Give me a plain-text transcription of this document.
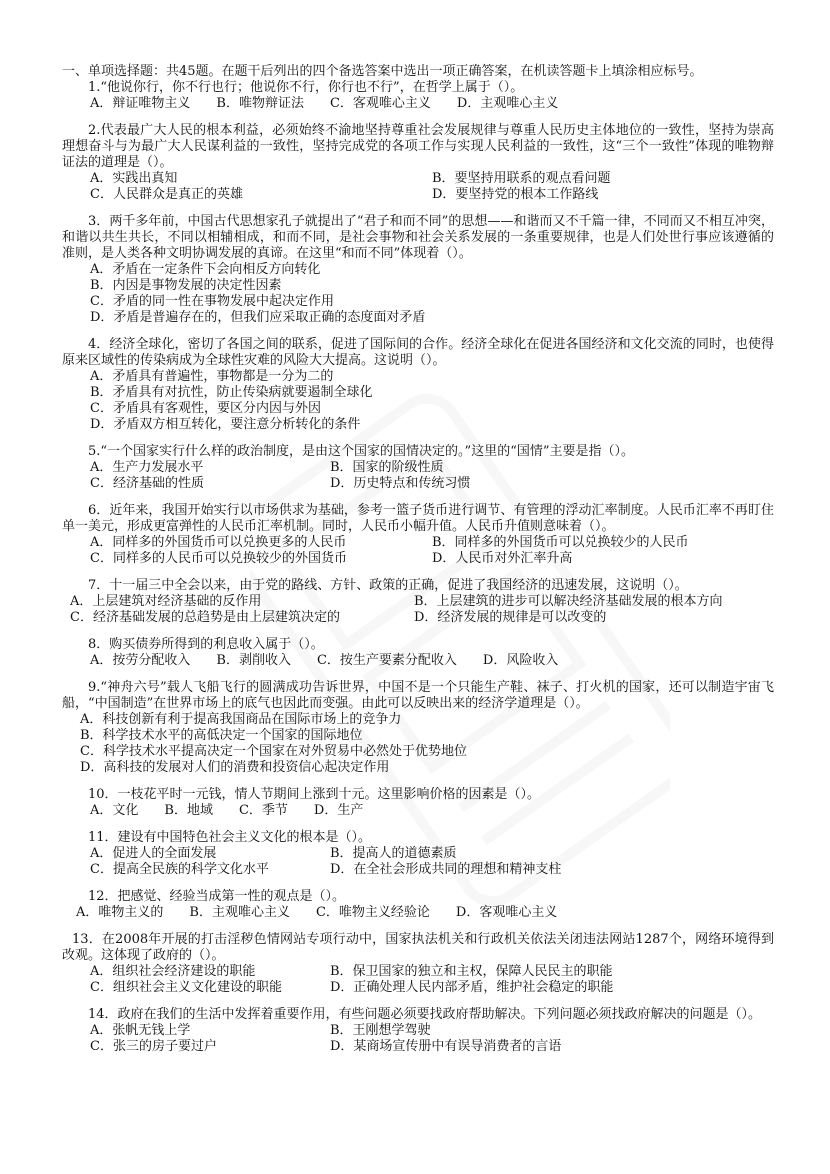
一、单项选择题：共45题。在题干后列出的四个备选答案中选出一项正确答案，在机读答题卡上填涂相应标号。

1.“他说你行，你不行也行；他说你不行，你行也不行”，在哲学上属于（）。

A．辩证唯物主义 B．唯物辩证法 C．客观唯心主义 D．主观唯心主义

2.代表最广大人民的根本利益，必须始终不渝地坚持尊重社会发展规律与尊重人民历史主体地位的一致性，坚持为崇高理想奋斗与为最广大人民谋利益的一致性，坚持完成党的各项工作与实现人民利益的一致性，这“三个一致性”体现的唯物辩证法的道理是（）。

A．实践出真知	B．要坚持用联系的观点看问题
C．人民群众是真正的英雄	D．要坚持党的根本工作路线

3．两千多年前，中国古代思想家孔子就提出了“君子和而不同”的思想——和谐而又不千篇一律，不同而又不相互冲突，和谐以共生共长，不同以相辅相成，和而不同，是社会事物和社会关系发展的一条重要规律，也是人们处世行事应该遵循的准则，是人类各种文明协调发展的真谛。在这里“和而不同”体现着（）。

A．矛盾在一定条件下会向相反方向转化
B．内因是事物发展的决定性因素
C．矛盾的同一性在事物发展中起决定作用
D．矛盾是普遍存在的，但我们应采取正确的态度面对矛盾

4．经济全球化，密切了各国之间的联系，促进了国际间的合作。经济全球化在促进各国经济和文化交流的同时，也使得原来区域性的传染病成为全球性灾难的风险大大提高。这说明（）。

A．矛盾具有普遍性，事物都是一分为二的
B．矛盾具有对抗性，防止传染病就要遏制全球化
C．矛盾具有客观性，要区分内因与外因
D．矛盾双方相互转化，要注意分析转化的条件

5.“一个国家实行什么样的政治制度，是由这个国家的国情决定的。”这里的“国情”主要是指（）。

A．生产力发展水平	B．国家的阶级性质
C．经济基础的性质	D．历史特点和传统习惯

6．近年来，我国开始实行以市场供求为基础，参考一篮子货币进行调节、有管理的浮动汇率制度。人民币汇率不再盯住单一美元，形成更富弹性的人民币汇率机制。同时，人民币小幅升值。人民币升值则意味着（）。

A．同样多的外国货币可以兑换更多的人民币	B．同样多的外国货币可以兑换较少的人民币
C．同样多的人民币可以兑换较少的外国货币	D．人民币对外汇率升高

7．十一届三中全会以来，由于党的路线、方针、政策的正确，促进了我国经济的迅速发展，这说明（）。

A．上层建筑对经济基础的反作用	B．上层建筑的进步可以解决经济基础发展的根本方向
C．经济基础发展的总趋势是由上层建筑决定的	D．经济发展的规律是可以改变的

8．购买债券所得到的利息收入属于（）。

A．按劳分配收入 B．剥削收入 C．按生产要素分配收入 D．风险收入

9.“神舟六号”载人飞船飞行的圆满成功告诉世界，中国不是一个只能生产鞋、袜子、打火机的国家，还可以制造宇宙飞船，“中国制造”在世界市场上的底气也因此而变强。由此可以反映出来的经济学道理是（）。

A．科技创新有利于提高我国商品在国际市场上的竞争力
B．科学技术水平的高低决定一个国家的国际地位
C．科学技术水平提高决定一个国家在对外贸易中必然处于优势地位
D．高科技的发展对人们的消费和投资信心起决定作用

10．一枝花平时一元钱，情人节期间上涨到十元。这里影响价格的因素是（）。

A．文化 B．地域 C．季节 D．生产

11．建设有中国特色社会主义文化的根本是（）。

A．促进人的全面发展	B．提高人的道德素质
C．提高全民族的科学文化水平	D．在全社会形成共同的理想和精神支柱

12．把感觉、经验当成第一性的观点是（）。

A．唯物主义的 B．主观唯心主义 C．唯物主义经验论 D．客观唯心主义

13．在2008年开展的打击淫秽色情网站专项行动中，国家执法机关和行政机关依法关闭违法网站1287个，网络环境得到改观。这体现了政府的（）。

A．组织社会经济建设的职能	B．保卫国家的独立和主权，保障人民民主的职能
C．组织社会主义文化建设的职能	D．正确处理人民内部矛盾，维护社会稳定的职能

14．政府在我们的生活中发挥着重要作用，有些问题必须要找政府帮助解决。下列问题必须找政府解决的问题是（）。

A．张帆无钱上学	B．王刚想学驾驶
C．张三的房子要过户	D．某商场宣传册中有误导消费者的言语
